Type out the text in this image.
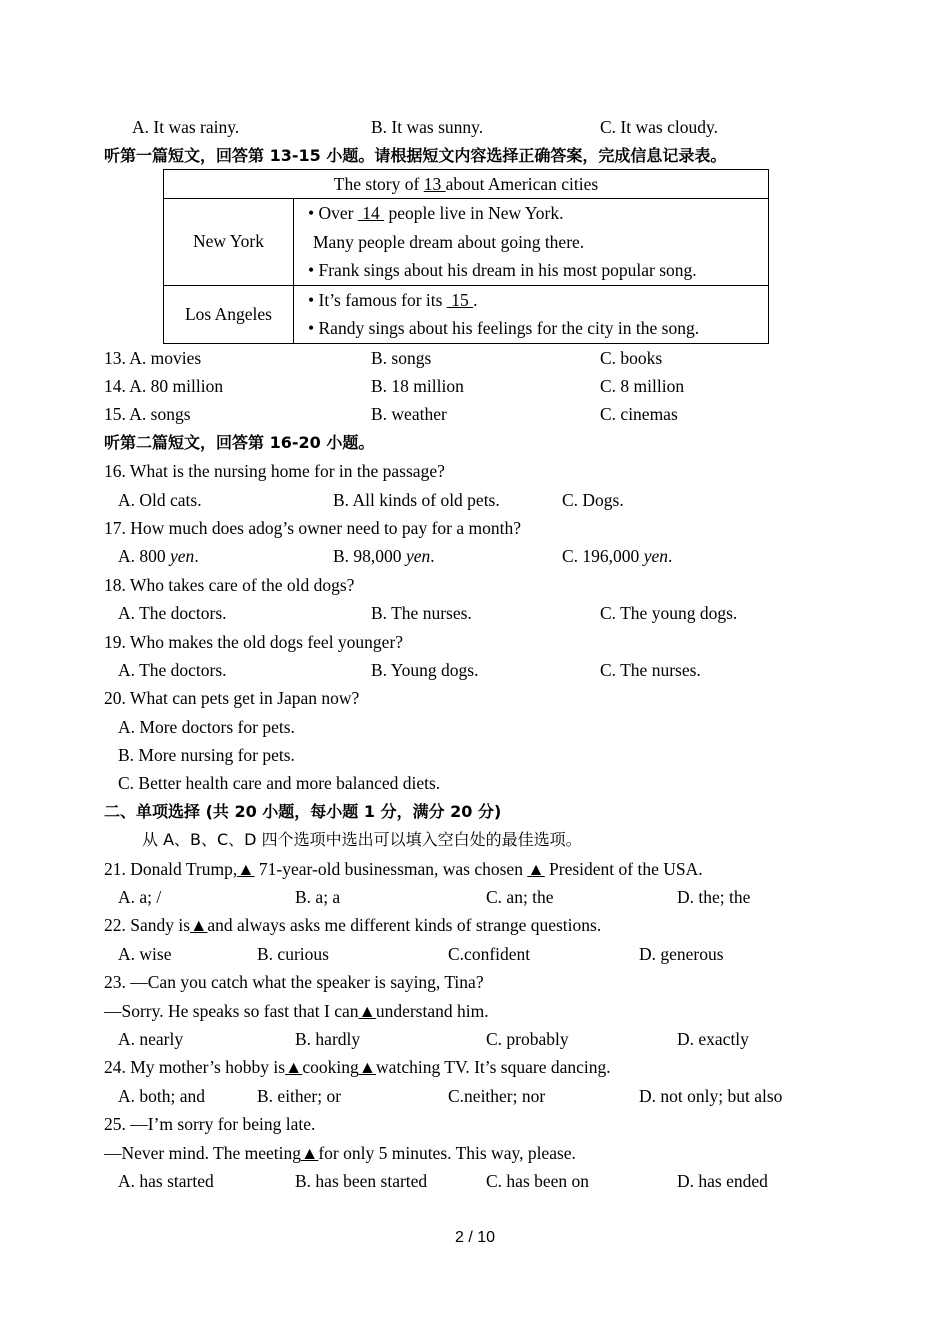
A. It was rainy.	B. It was sunny.	C. It was cloudy.
听第一篇短文，回答第 13-15 小题。请根据短文内容选择正确答案，完成信息记录表。
The story of 13 about American cities	
New York	• Over  14  people live in New York.
Many people dream about going there.
• Frank sings about his dream in his most popular song.

Los Angeles	• It’s famous for its  15 .
• Randy sings about his feelings for the city in the song.
13. A. movies	B. songs	C. books
14. A. 80 million	B. 18 million	C. 8 million
15. A. songs	B. weather	C. cinemas
听第二篇短文，回答第 16-20 小题。
16. What is the nursing home for in the passage?
A. Old cats.	B. All kinds of old pets.	C. Dogs.
17. How much does adog’s owner need to pay for a month?
A. 800 yen.	B. 98,000 yen.	C. 196,000 yen.
18. Who takes care of the old dogs?
A. The doctors.	B. The nurses.	C. The young dogs.
19. Who makes the old dogs feel younger?
A. The doctors.	B. Young dogs.	C. The nurses.
20. What can pets get in Japan now?
A. More doctors for pets.
B. More nursing for pets.
C. Better health care and more balanced diets.
二、单项选择 (共 20 小题，每小题 1 分，满分 20 分)
从 A、B、C、D 四个选项中选出可以填入空白处的最佳选项。
21. Donald Trump,▲ 71-year-old businessman, was chosen ▲ President of the USA.
A. a; /	B. a; a	C. an; the	D. the; the
22. Sandy is▲and always asks me different kinds of strange questions.
A. wise	B. curious	C.confident	D. generous
23. —Can you catch what the speaker is saying, Tina?
—Sorry. He speaks so fast that I can▲understand him.
A. nearly	B. hardly	C. probably	D. exactly
24. My mother’s hobby is▲cooking▲watching TV. It’s square dancing.
A. both; and	B. either; or	C.neither; nor	D. not only; but also
25. —I’m sorry for being late.
—Never mind. The meeting▲for only 5 minutes. This way, please.
A. has started	B. has been started	C. has been on	D. has ended
2 / 10
